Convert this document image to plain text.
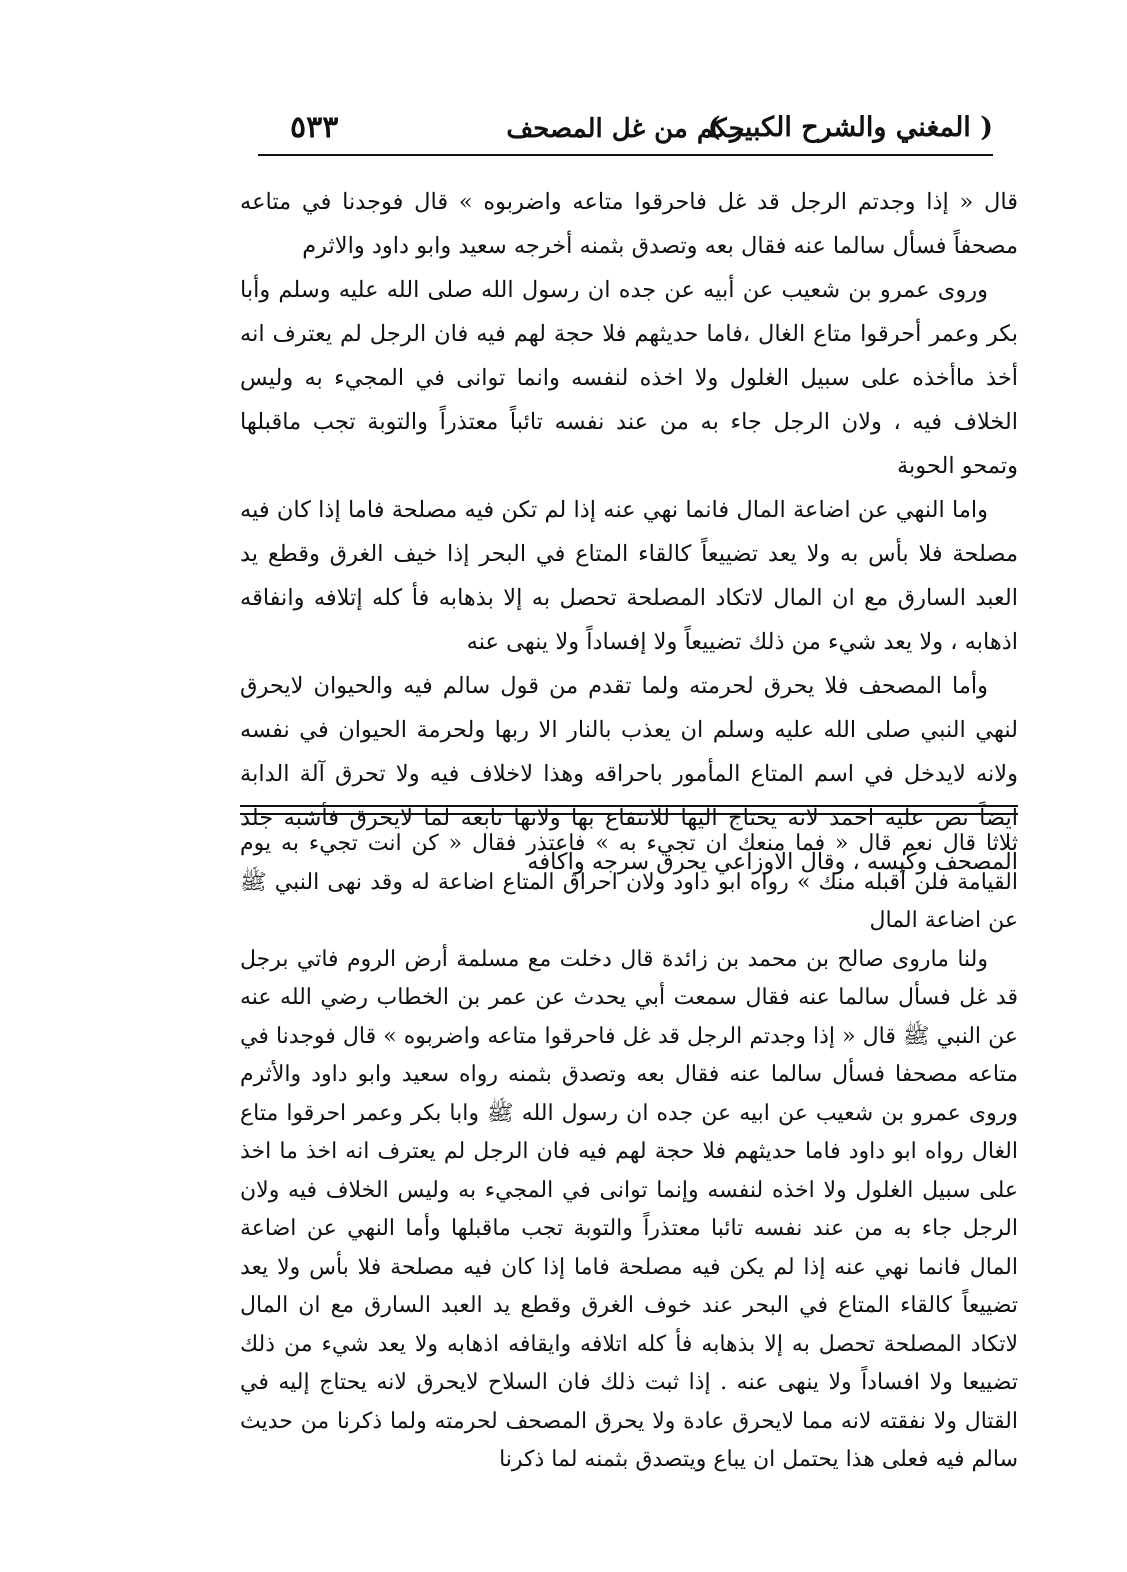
( المغني والشرح الكبير )
حكم من غل المصحف
٥٣٣

قال « إذا وجدتم الرجل قد غل فاحرقوا متاعه واضربوه » قال فوجدنا في متاعه مصحفاً فسأل سالما عنه فقال بعه وتصدق بثمنه أخرجه سعيد وابو داود والاثرم

وروى عمرو بن شعيب عن أبيه عن جده ان رسول الله صلى الله عليه وسلم وأبا بكر وعمر أحرقوا متاع الغال ،فاما حديثهم فلا حجة لهم فيه فان الرجل لم يعترف انه أخذ ماأخذه على سبيل الغلول ولا اخذه لنفسه وانما توانى في المجيء به وليس الخلاف فيه ، ولان الرجل جاء به من عند نفسه تائباً معتذراً والتوبة تجب ماقبلها وتمحو الحوبة

واما النهي عن اضاعة المال فانما نهي عنه إذا لم تكن فيه مصلحة فاما إذا كان فيه مصلحة فلا بأس به ولا يعد تضييعاً كالقاء المتاع في البحر إذا خيف الغرق وقطع يد العبد السارق مع ان المال لاتكاد المصلحة تحصل به إلا بذهابه فأ كله إتلافه وانفاقه اذهابه ، ولا يعد شيء من ذلك تضييعاً ولا إفساداً ولا ينهى عنه

وأما المصحف فلا يحرق لحرمته ولما تقدم من قول سالم فيه والحيوان لايحرق لنهي النبي صلى الله عليه وسلم ان يعذب بالنار الا ربها ولحرمة الحيوان في نفسه ولانه لايدخل في اسم المتاع المأمور باحراقه وهذا لاخلاف فيه ولا تحرق آلة الدابة ايضاً نص عليه احمد لانه يحتاج اليها للانتفاع بها ولانها تابعة لما لايحرق فأشبه جلد المصحف وكيسه ، وقال الاوزاعي يحرق سرجه واكافه

ثلاثا قال نعم قال « فما منعك ان تجيء به » فاعتذر فقال « كن انت تجيء به يوم القيامة فلن أقبله منك » رواه ابو داود ولان احراق المتاع اضاعة له وقد نهى النبي ﷺ عن اضاعة المال

ولنا ماروى صالح بن محمد بن زائدة قال دخلت مع مسلمة أرض الروم فاتي برجل قد غل فسأل سالما عنه فقال سمعت أبي يحدث عن عمر بن الخطاب رضي الله عنه عن النبي ﷺ قال « إذا وجدتم الرجل قد غل فاحرقوا متاعه واضربوه » قال فوجدنا في متاعه مصحفا فسأل سالما عنه فقال بعه وتصدق بثمنه رواه سعيد وابو داود والأثرم وروى عمرو بن شعيب عن ابيه عن جده ان رسول الله ﷺ وابا بكر وعمر احرقوا متاع الغال رواه ابو داود فاما حديثهم فلا حجة لهم فيه فان الرجل لم يعترف انه اخذ ما اخذ على سبيل الغلول ولا اخذه لنفسه وإنما توانى في المجيء به وليس الخلاف فيه ولان الرجل جاء به من عند نفسه تائبا معتذراً والتوبة تجب ماقبلها وأما النهي عن اضاعة المال فانما نهي عنه إذا لم يكن فيه مصلحة فاما إذا كان فيه مصلحة فلا بأس ولا يعد تضييعاً كالقاء المتاع في البحر عند خوف الغرق وقطع يد العبد السارق مع ان المال لاتكاد المصلحة تحصل به إلا بذهابه فأ كله اتلافه وايقافه اذهابه ولا يعد شيء من ذلك تضييعا ولا افساداً ولا ينهى عنه . إذا ثبت ذلك فان السلاح لايحرق لانه يحتاج إليه في القتال ولا نفقته لانه مما لايحرق عادة ولا يحرق المصحف لحرمته ولما ذكرنا من حديث سالم فيه فعلى هذا يحتمل ان يباع ويتصدق بثمنه لما ذكرنا
